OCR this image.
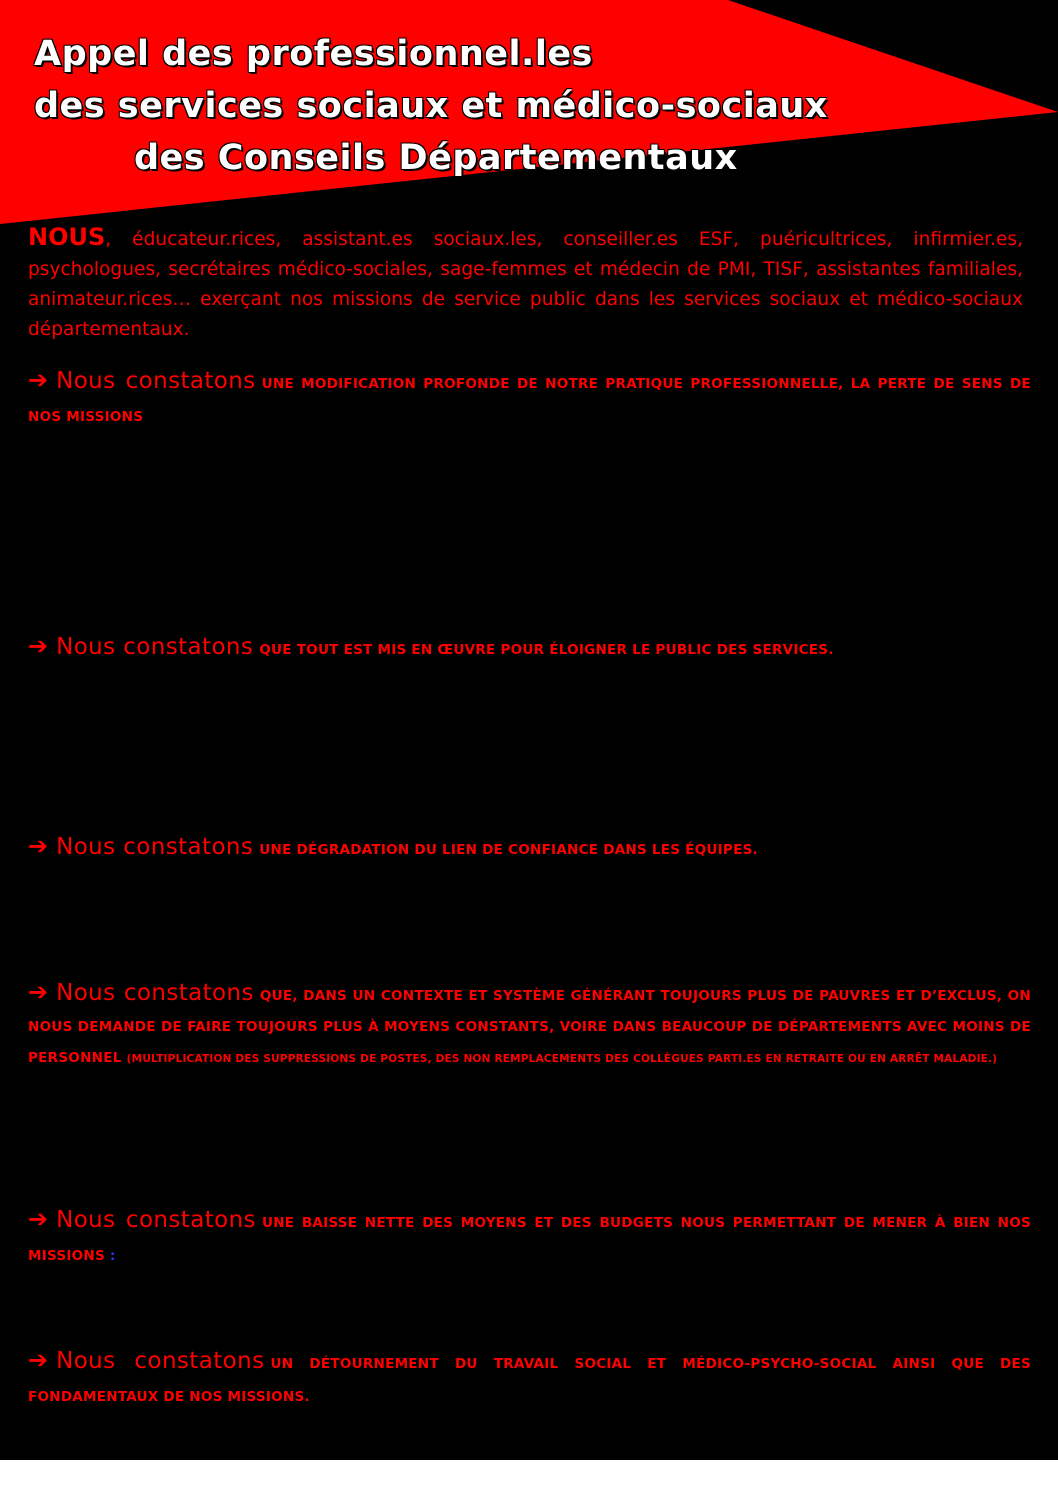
Appel des professionnel.les
des services sociaux et médico-sociaux
des Conseils Départementaux

NOUS, éducateur.rices, assistant.es sociaux.les, conseiller.es ESF, puéricultrices, infirmier.es, psychologues, secrétaires médico-sociales, sage-femmes et médecin de PMI, TISF, assistantes familiales, animateur.rices… exerçant nos missions de service public dans les services sociaux et médico-sociaux départementaux.

➔ Nous constatons UNE MODIFICATION PROFONDE DE NOTRE PRATIQUE PROFESSIONNELLE, LA PERTE DE SENS DE NOS MISSIONS

➔ Nous constatons QUE TOUT EST MIS EN ŒUVRE POUR ÉLOIGNER LE PUBLIC DES SERVICES.

➔ Nous constatons UNE DÉGRADATION DU LIEN DE CONFIANCE DANS LES ÉQUIPES.

➔ Nous constatons QUE, DANS UN CONTEXTE ET SYSTÈME GÉNÉRANT TOUJOURS PLUS DE PAUVRES ET D’EXCLUS, ON NOUS DEMANDE DE FAIRE TOUJOURS PLUS À MOYENS CONSTANTS, VOIRE DANS BEAUCOUP DE DÉPARTEMENTS AVEC MOINS DE PERSONNEL (MULTIPLICATION DES SUPPRESSIONS DE POSTES, DES NON REMPLACEMENTS DES COLLÈGUES PARTI.ES EN RETRAITE OU EN ARRÊT MALADIE.)

➔ Nous constatons UNE BAISSE NETTE DES MOYENS ET DES BUDGETS NOUS PERMETTANT DE MENER À BIEN NOS MISSIONS :

➔ Nous constatons UN DÉTOURNEMENT DU TRAVAIL SOCIAL ET MÉDICO-PSYCHO-SOCIAL AINSI QUE DES FONDAMENTAUX DE NOS MISSIONS.
